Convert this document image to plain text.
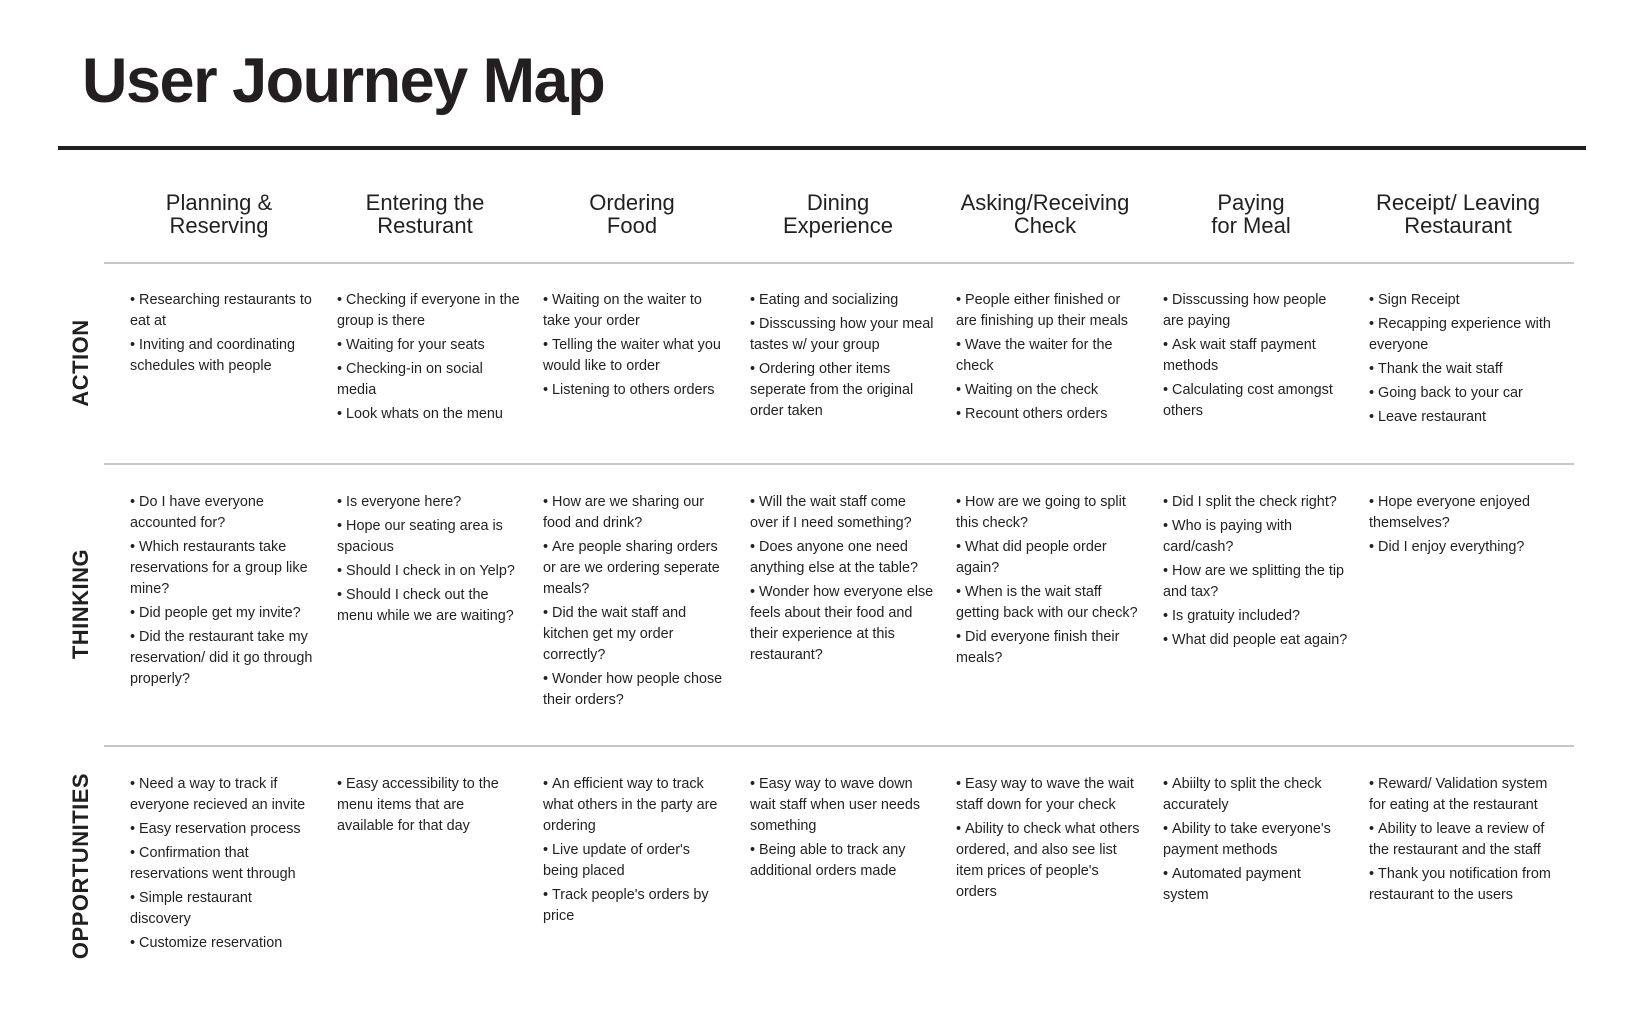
User Journey Map
Planning &
Reserving
Entering the
Resturant
Ordering
Food
Dining
Experience
Asking/Receiving
Check
Paying
for Meal
Receipt/ Leaving
Restaurant
ACTION
THINKING
OPPORTUNITIES
• Researching restaurants to eat at
• Inviting and coordinating schedules with people
• Checking if everyone in the group is there
• Waiting for your seats
• Checking-in on social media
• Look whats on the menu
• Waiting on the waiter to take your order
• Telling the waiter what you would like to order
• Listening to others orders
• Eating and socializing
• Disscussing how your meal tastes w/ your group
• Ordering other items seperate from the original order taken
• People either finished or are finishing up their meals
• Wave the waiter for the check
• Waiting on the check
• Recount others orders
• Disscussing how people are paying
• Ask wait staff payment methods
• Calculating cost amongst others
• Sign Receipt
• Recapping experience with everyone
• Thank the wait staff
• Going back to your car
• Leave restaurant
• Do I have everyone accounted for?
• Which restaurants take reservations for a group like mine?
• Did people get my invite?
• Did the restaurant take my reservation/ did it go through properly?
• Is everyone here?
• Hope our seating area is spacious
• Should I check in on Yelp?
• Should I check out the menu while we are waiting?
• How are we sharing our food and drink?
• Are people sharing orders or are we ordering seperate meals?
• Did the wait staff and kitchen get my order correctly?
• Wonder how people chose their orders?
• Will the wait staff come over if I need something?
• Does anyone one need anything else at the table?
• Wonder how everyone else feels about their food and their experience at this restaurant?
• How are we going to split this check?
• What did people order again?
• When is the wait staff getting back with our check?
• Did everyone finish their meals?
• Did I split the check right?
• Who is paying with card/cash?
• How are we splitting the tip and tax?
• Is gratuity included?
• What did people eat again?
• Hope everyone enjoyed themselves?
• Did I enjoy everything?
• Need a way to track if everyone recieved an invite
• Easy reservation process
• Confirmation that reservations went through
• Simple restaurant discovery
• Customize reservation
• Easy accessibility to the menu items that are available for that day
• An efficient way to track what others in the party are ordering
• Live update of order's being placed
• Track people's orders by price
• Easy way to wave down wait staff when user needs something
• Being able to track any additional orders made
• Easy way to wave the wait staff down for your check
• Ability to check what others ordered, and also see list item prices of people's orders
• Abiilty to split the check accurately
• Ability to take everyone's payment methods
• Automated payment system
• Reward/ Validation system for eating at the restaurant
• Ability to leave a review of the restaurant and the staff
• Thank you notification from restaurant to the users
